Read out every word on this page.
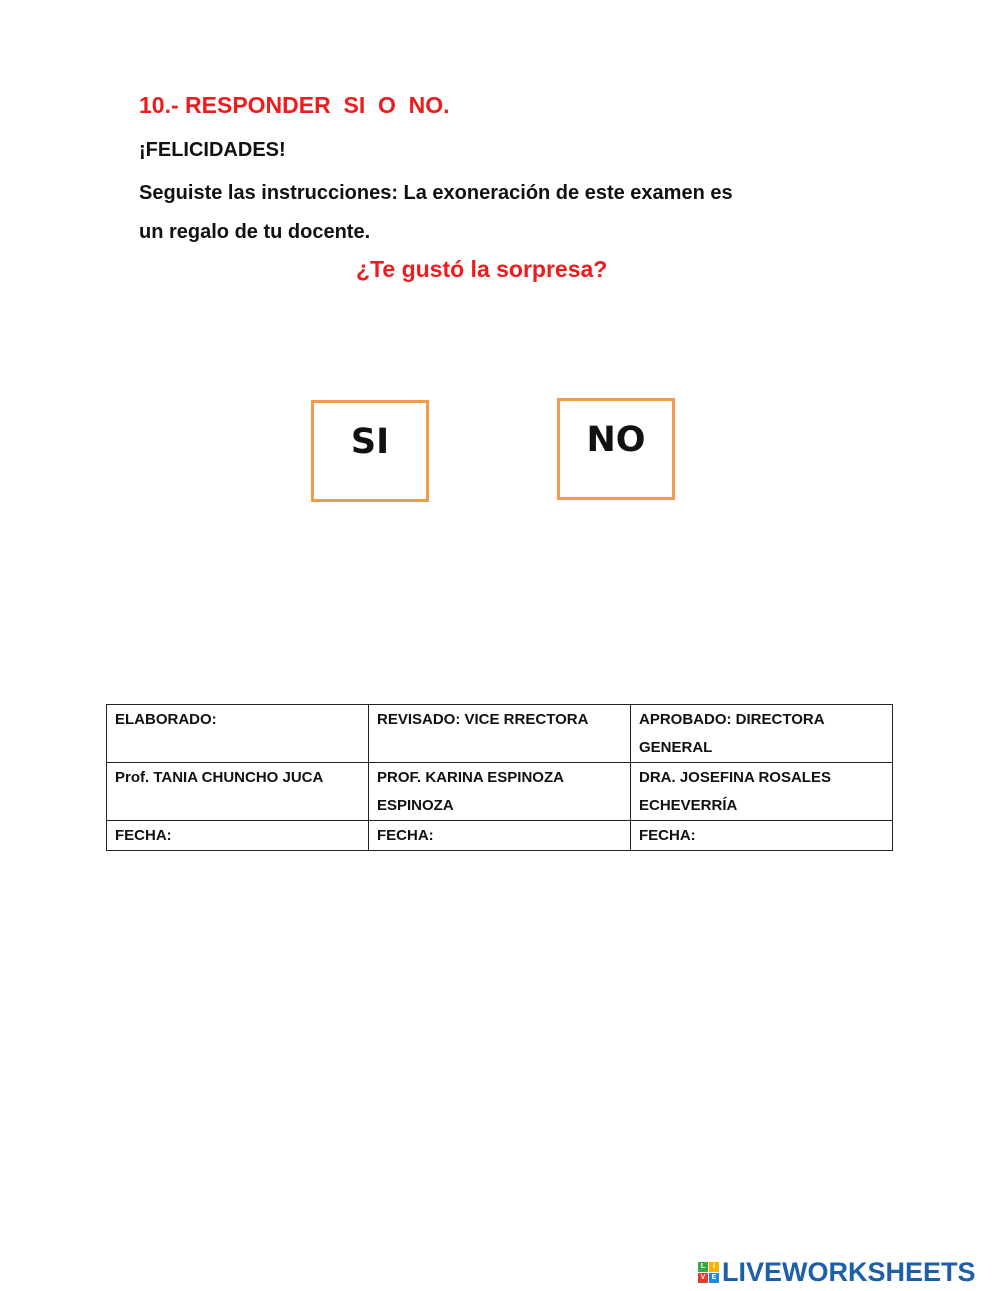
10.- RESPONDER  SI  O  NO.

¡FELICIDADES!

Seguiste las instrucciones: La exoneración de este examen es
un regalo de tu docente.

¿Te gustó la sorpresa?

SI	NO
ELABORADO:	REVISADO: VICE RRECTORA	APROBADO: DIRECTORA GENERAL
Prof. TANIA CHUNCHO JUCA	PROF. KARINA ESPINOZA ESPINOZA	DRA. JOSEFINA ROSALES ECHEVERRÍA
FECHA:	FECHA:	FECHA:
L	I
V E LIVEWORKSHEETS
